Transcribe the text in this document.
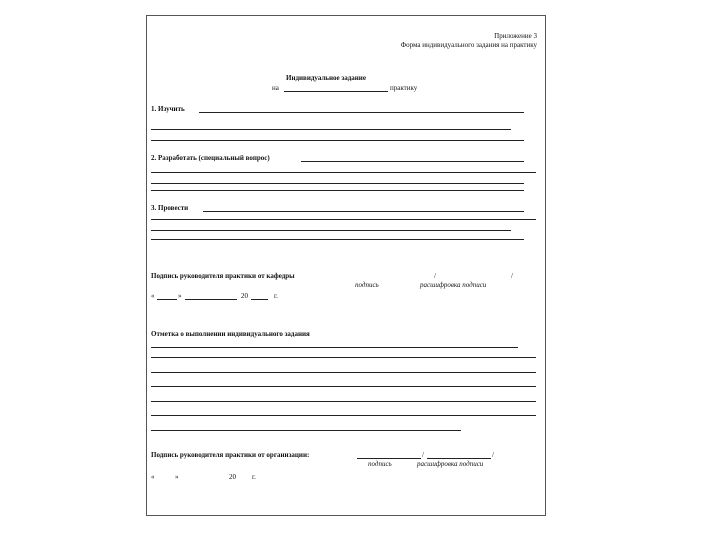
Приложение 3
Форма индивидуального задания на практику
Индивидуальное задание
на	практику
1. Изучить
2. Разработать (специальный вопрос)
3. Провести
Подпись руководителя практики от кафедры	/	/
подпись	расшифровка подписи
«	»	20	г.
Отметка о выполнении индивидуального задания
Подпись руководителя практики от организации:	/	/
подпись	расшифровка подписи
«	»	20 г.
